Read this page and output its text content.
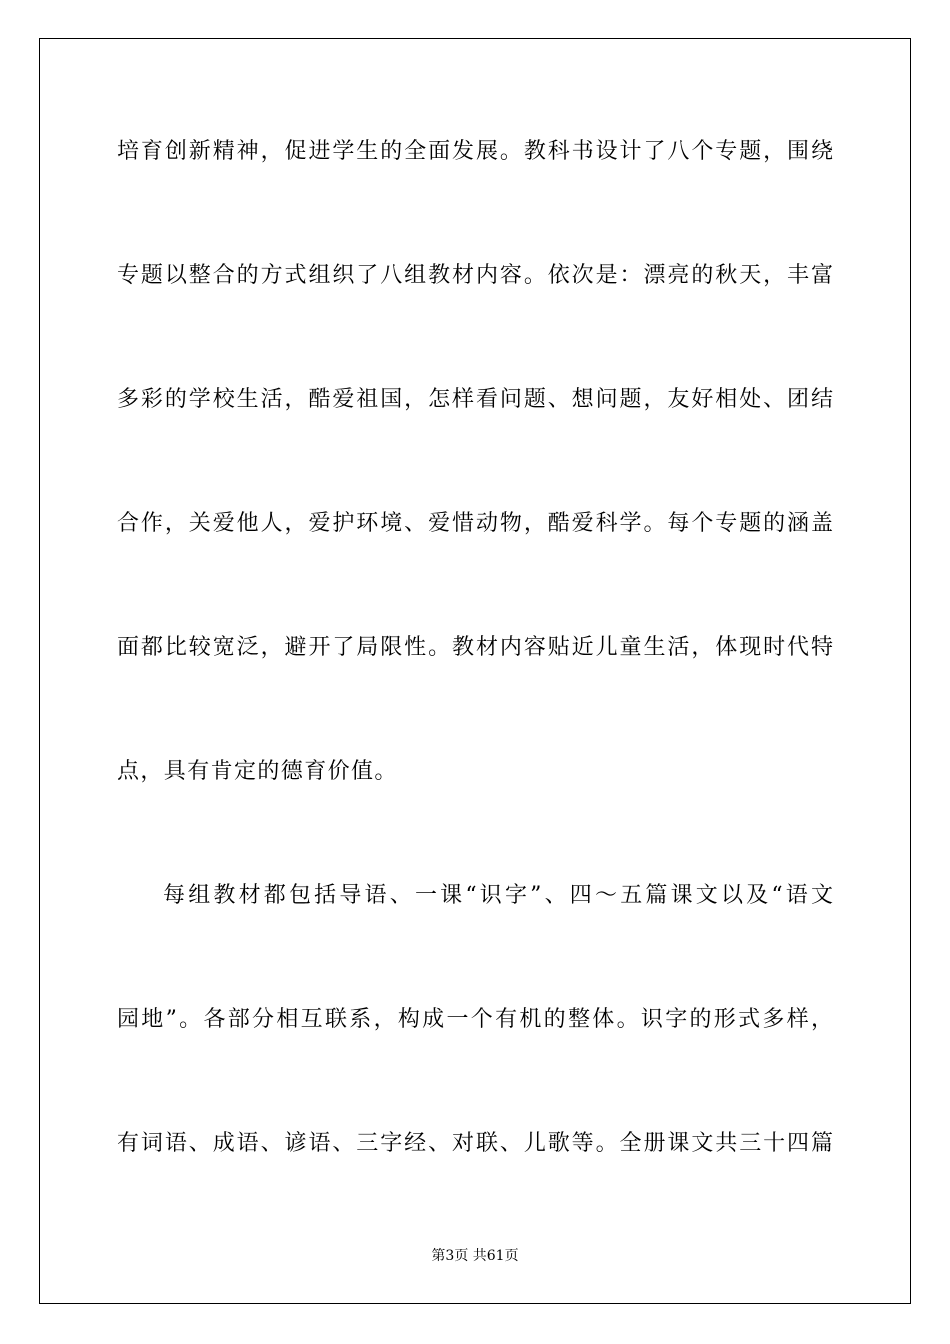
培育创新精神，促进学生的全面发展。教科书设计了八个专题，围绕
专题以整合的方式组织了八组教材内容。依次是：漂亮的秋天，丰富
多彩的学校生活，酷爱祖国，怎样看问题、想问题，友好相处、团结
合作，关爱他人，爱护环境、爱惜动物，酷爱科学。每个专题的涵盖
面都比较宽泛，避开了局限性。教材内容贴近儿童生活，体现时代特
点，具有肯定的德育价值。
每组教材都包括导语、一课“识字”、四～五篇课文以及“语文
园地”。各部分相互联系，构成一个有机的整体。识字的形式多样，
有词语、成语、谚语、三字经、对联、儿歌等。全册课文共三十四篇
第3页 共61页
